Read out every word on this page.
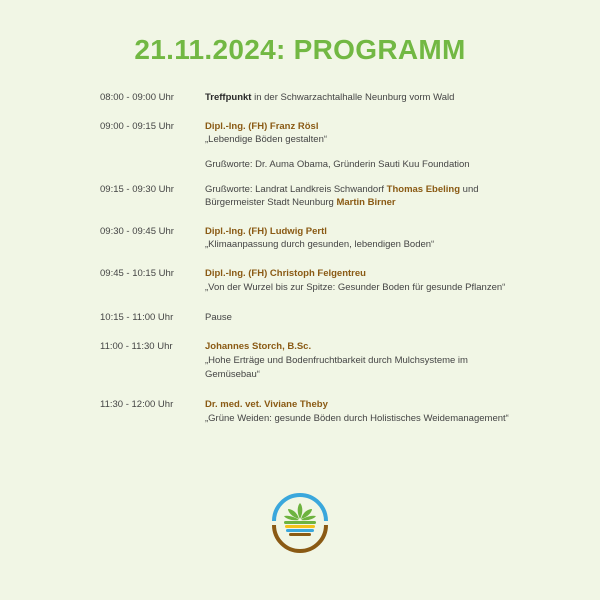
21.11.2024: PROGRAMM
08:00 - 09:00 Uhr	Treffpunkt in der Schwarzachtalhalle Neunburg vorm Wald
09:00 - 09:15 Uhr	Dipl.-Ing. (FH) Franz Rösl
„Lebendige Böden gestalten“
Grußworte: Dr. Auma Obama, Gründerin Sauti Kuu Foundation
09:15 - 09:30 Uhr	Grußworte: Landrat Landkreis Schwandorf Thomas Ebeling und Bürgermeister Stadt Neunburg Martin Birner
09:30 - 09:45 Uhr	Dipl.-Ing. (FH) Ludwig Pertl
„Klimaanpassung durch gesunden, lebendigen Boden“
09:45 - 10:15 Uhr	Dipl.-Ing. (FH) Christoph Felgentreu
„Von der Wurzel bis zur Spitze: Gesunder Boden für gesunde Pflanzen“
10:15 - 11:00 Uhr	Pause
11:00 - 11:30 Uhr	Johannes Storch, B.Sc.
„Hohe Erträge und Bodenfruchtbarkeit durch Mulchsysteme im Gemüsebau“
11:30 - 12:00 Uhr	Dr. med. vet. Viviane Theby
„Grüne Weiden: gesunde Böden durch Holistisches Weidemanagement“
